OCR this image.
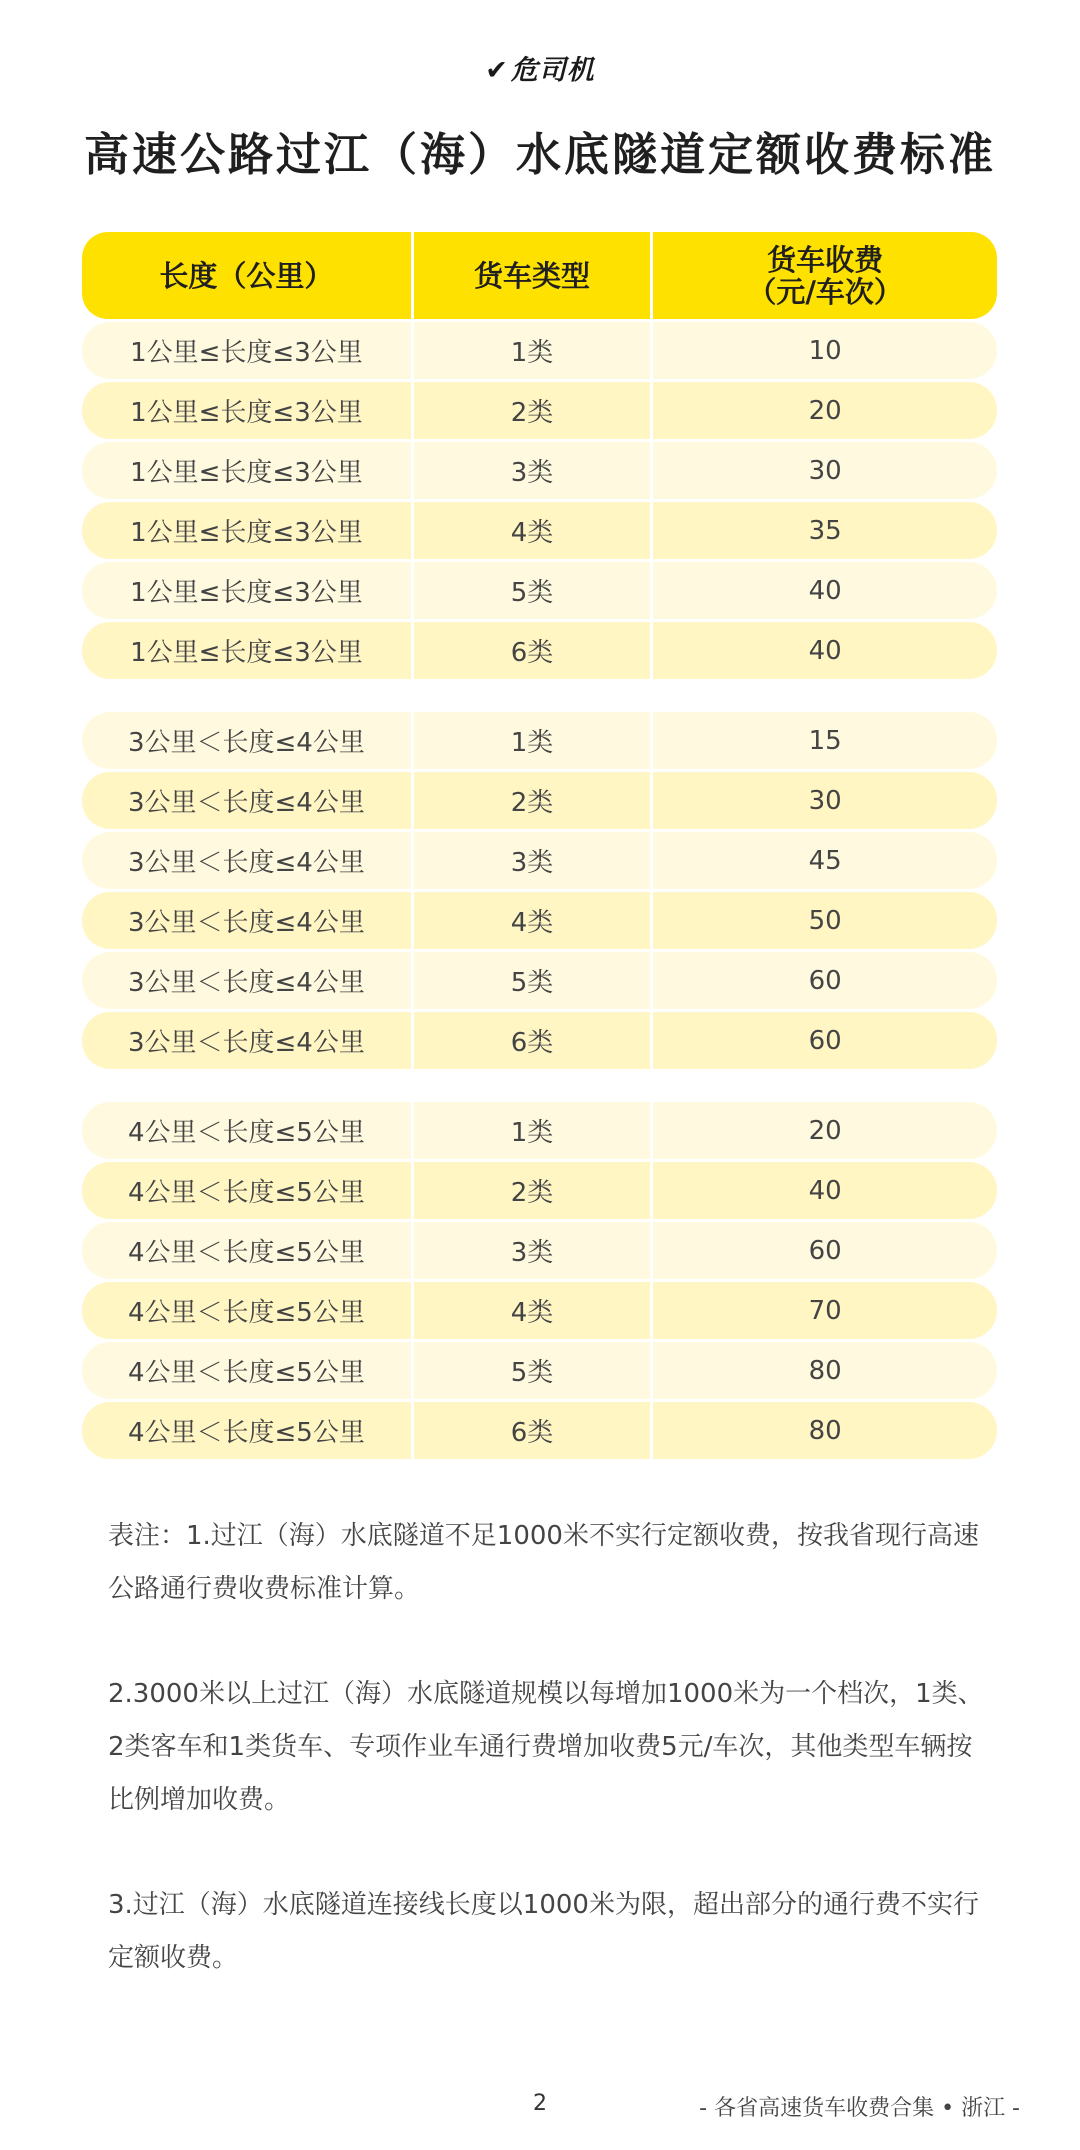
✔危司机
高速公路过江（海）水底隧道定额收费标准
长度（公里）	货车类型	货车收费
（元/车次）
1公里≤长度≤3公里	1类	10
1公里≤长度≤3公里	2类	20
1公里≤长度≤3公里	3类	30
1公里≤长度≤3公里	4类	35
1公里≤长度≤3公里	5类	40
1公里≤长度≤3公里	6类	40
3公里＜长度≤4公里	1类	15
3公里＜长度≤4公里	2类	30
3公里＜长度≤4公里	3类	45
3公里＜长度≤4公里	4类	50
3公里＜长度≤4公里	5类	60
3公里＜长度≤4公里	6类	60
4公里＜长度≤5公里	1类	20
4公里＜长度≤5公里	2类	40
4公里＜长度≤5公里	3类	60
4公里＜长度≤5公里	4类	70
4公里＜长度≤5公里	5类	80
4公里＜长度≤5公里	6类	80

表注：1.过江（海）水底隧道不足1000米不实行定额收费，按我省现行高速公路通行费收费标准计算。

2.3000米以上过江（海）水底隧道规模以每增加1000米为一个档次，1类、2类客车和1类货车、专项作业车通行费增加收费5元/车次，其他类型车辆按比例增加收费。

3.过江（海）水底隧道连接线长度以1000米为限，超出部分的通行费不实行定额收费。

2	- 各省高速货车收费合集 • 浙江 -
